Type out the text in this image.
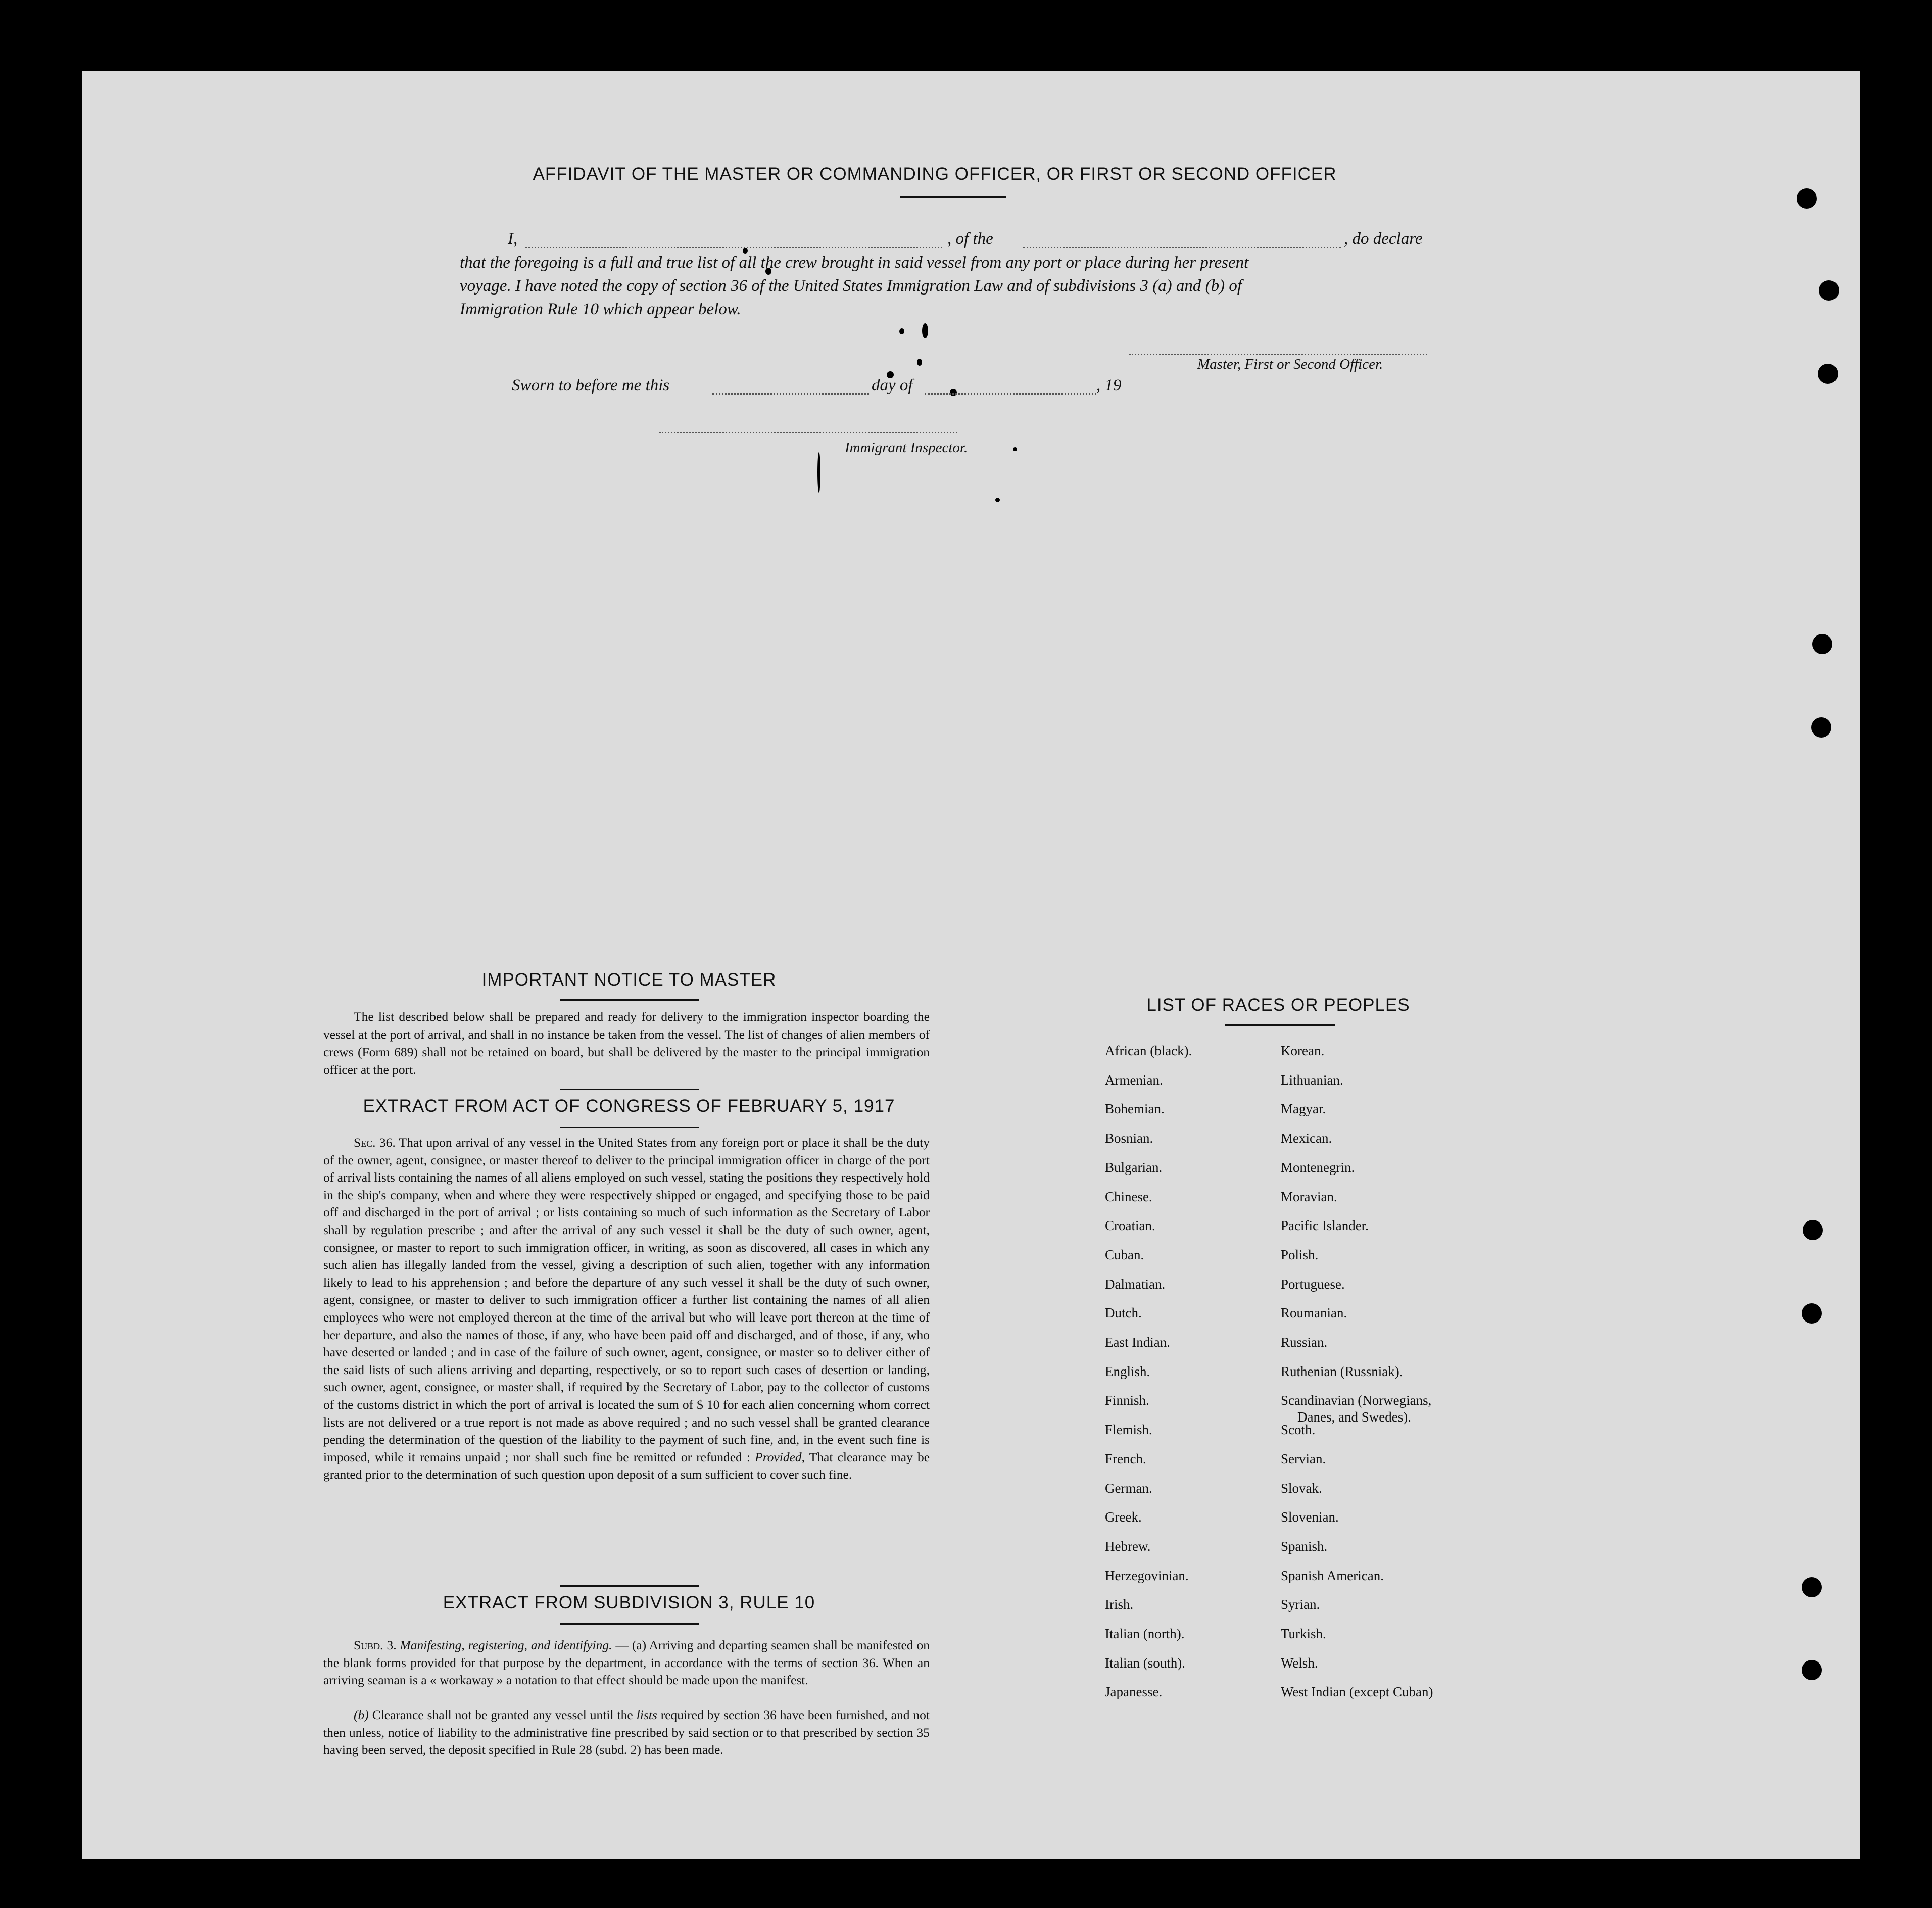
AFFIDAVIT OF THE MASTER OR COMMANDING OFFICER, OR FIRST OR SECOND OFFICER
I,	, of the	, do declare
that the foregoing is a full and true list of all the crew brought in said vessel from any port or place during her present
voyage. I have noted the copy of section 36 of the United States Immigration Law and of subdivisions 3 (a) and (b) of
Immigration Rule 10 which appear below.
Master, First or Second Officer.
Sworn to before me this	day of	, 19
Immigrant Inspector.
IMPORTANT NOTICE TO MASTER
The list described below shall be prepared and ready for delivery to the immigration inspector boarding the vessel at the port of arrival, and shall in no instance be taken from the vessel. The list of changes of alien members of crews (Form 689) shall not be retained on board, but shall be delivered by the master to the principal immigration officer at the port.
EXTRACT FROM ACT OF CONGRESS OF FEBRUARY 5, 1917
Sec. 36. That upon arrival of any vessel in the United States from any foreign port or place it shall be the duty of the owner, agent, consignee, or master thereof to deliver to the principal immigration officer in charge of the port of arrival lists containing the names of all aliens employed on such vessel, stating the positions they respectively hold in the ship's company, when and where they were respectively shipped or engaged, and specifying those to be paid off and discharged in the port of arrival ; or lists containing so much of such information as the Secretary of Labor shall by regulation prescribe ; and after the arrival of any such vessel it shall be the duty of such owner, agent, consignee, or master to report to such immigration officer, in writing, as soon as discovered, all cases in which any such alien has illegally landed from the vessel, giving a description of such alien, together with any information likely to lead to his apprehension ; and before the departure of any such vessel it shall be the duty of such owner, agent, consignee, or master to deliver to such immigration officer a further list containing the names of all alien employees who were not employed thereon at the time of the arrival but who will leave port thereon at the time of her departure, and also the names of those, if any, who have been paid off and discharged, and of those, if any, who have deserted or landed ; and in case of the failure of such owner, agent, consignee, or master so to deliver either of the said lists of such aliens arriving and departing, respectively, or so to report such cases of desertion or landing, such owner, agent, consignee, or master shall, if required by the Secretary of Labor, pay to the collector of customs of the customs district in which the port of arrival is located the sum of $ 10 for each alien concerning whom correct lists are not delivered or a true report is not made as above required ; and no such vessel shall be granted clearance pending the determination of the question of the liability to the payment of such fine, and, in the event such fine is imposed, while it remains unpaid ; nor shall such fine be remitted or refunded : Provided, That clearance may be granted prior to the determination of such question upon deposit of a sum sufficient to cover such fine.
EXTRACT FROM SUBDIVISION 3, RULE 10
Subd. 3. Manifesting, registering, and identifying. — (a) Arriving and departing seamen shall be manifested on the blank forms provided for that purpose by the department, in accordance with the terms of section 36. When an arriving seaman is a « workaway » a notation to that effect should be made upon the manifest.
(b) Clearance shall not be granted any vessel until the lists required by section 36 have been furnished, and not then unless, notice of liability to the administrative fine prescribed by said section or to that prescribed by section 35 having been served, the deposit specified in Rule 28 (subd. 2) has been made.
LIST OF RACES OR PEOPLES
African (black).
Armenian.
Bohemian.
Bosnian.
Bulgarian.
Chinese.
Croatian.
Cuban.
Dalmatian.
Dutch.
East Indian.
English.
Finnish.
Flemish.
French.
German.
Greek.
Hebrew.
Herzegovinian.
Irish.
Italian (north).
Italian (south).
Japanesse.
Korean.
Lithuanian.
Magyar.
Mexican.
Montenegrin.
Moravian.
Pacific Islander.
Polish.
Portuguese.
Roumanian.
Russian.
Ruthenian (Russniak).
Scandinavian (Norwegians,
Scoth.
Servian.
Slovak.
Slovenian.
Spanish.
Spanish American.
Syrian.
Turkish.
Welsh.
West Indian (except Cuban)
Danes, and Swedes).
